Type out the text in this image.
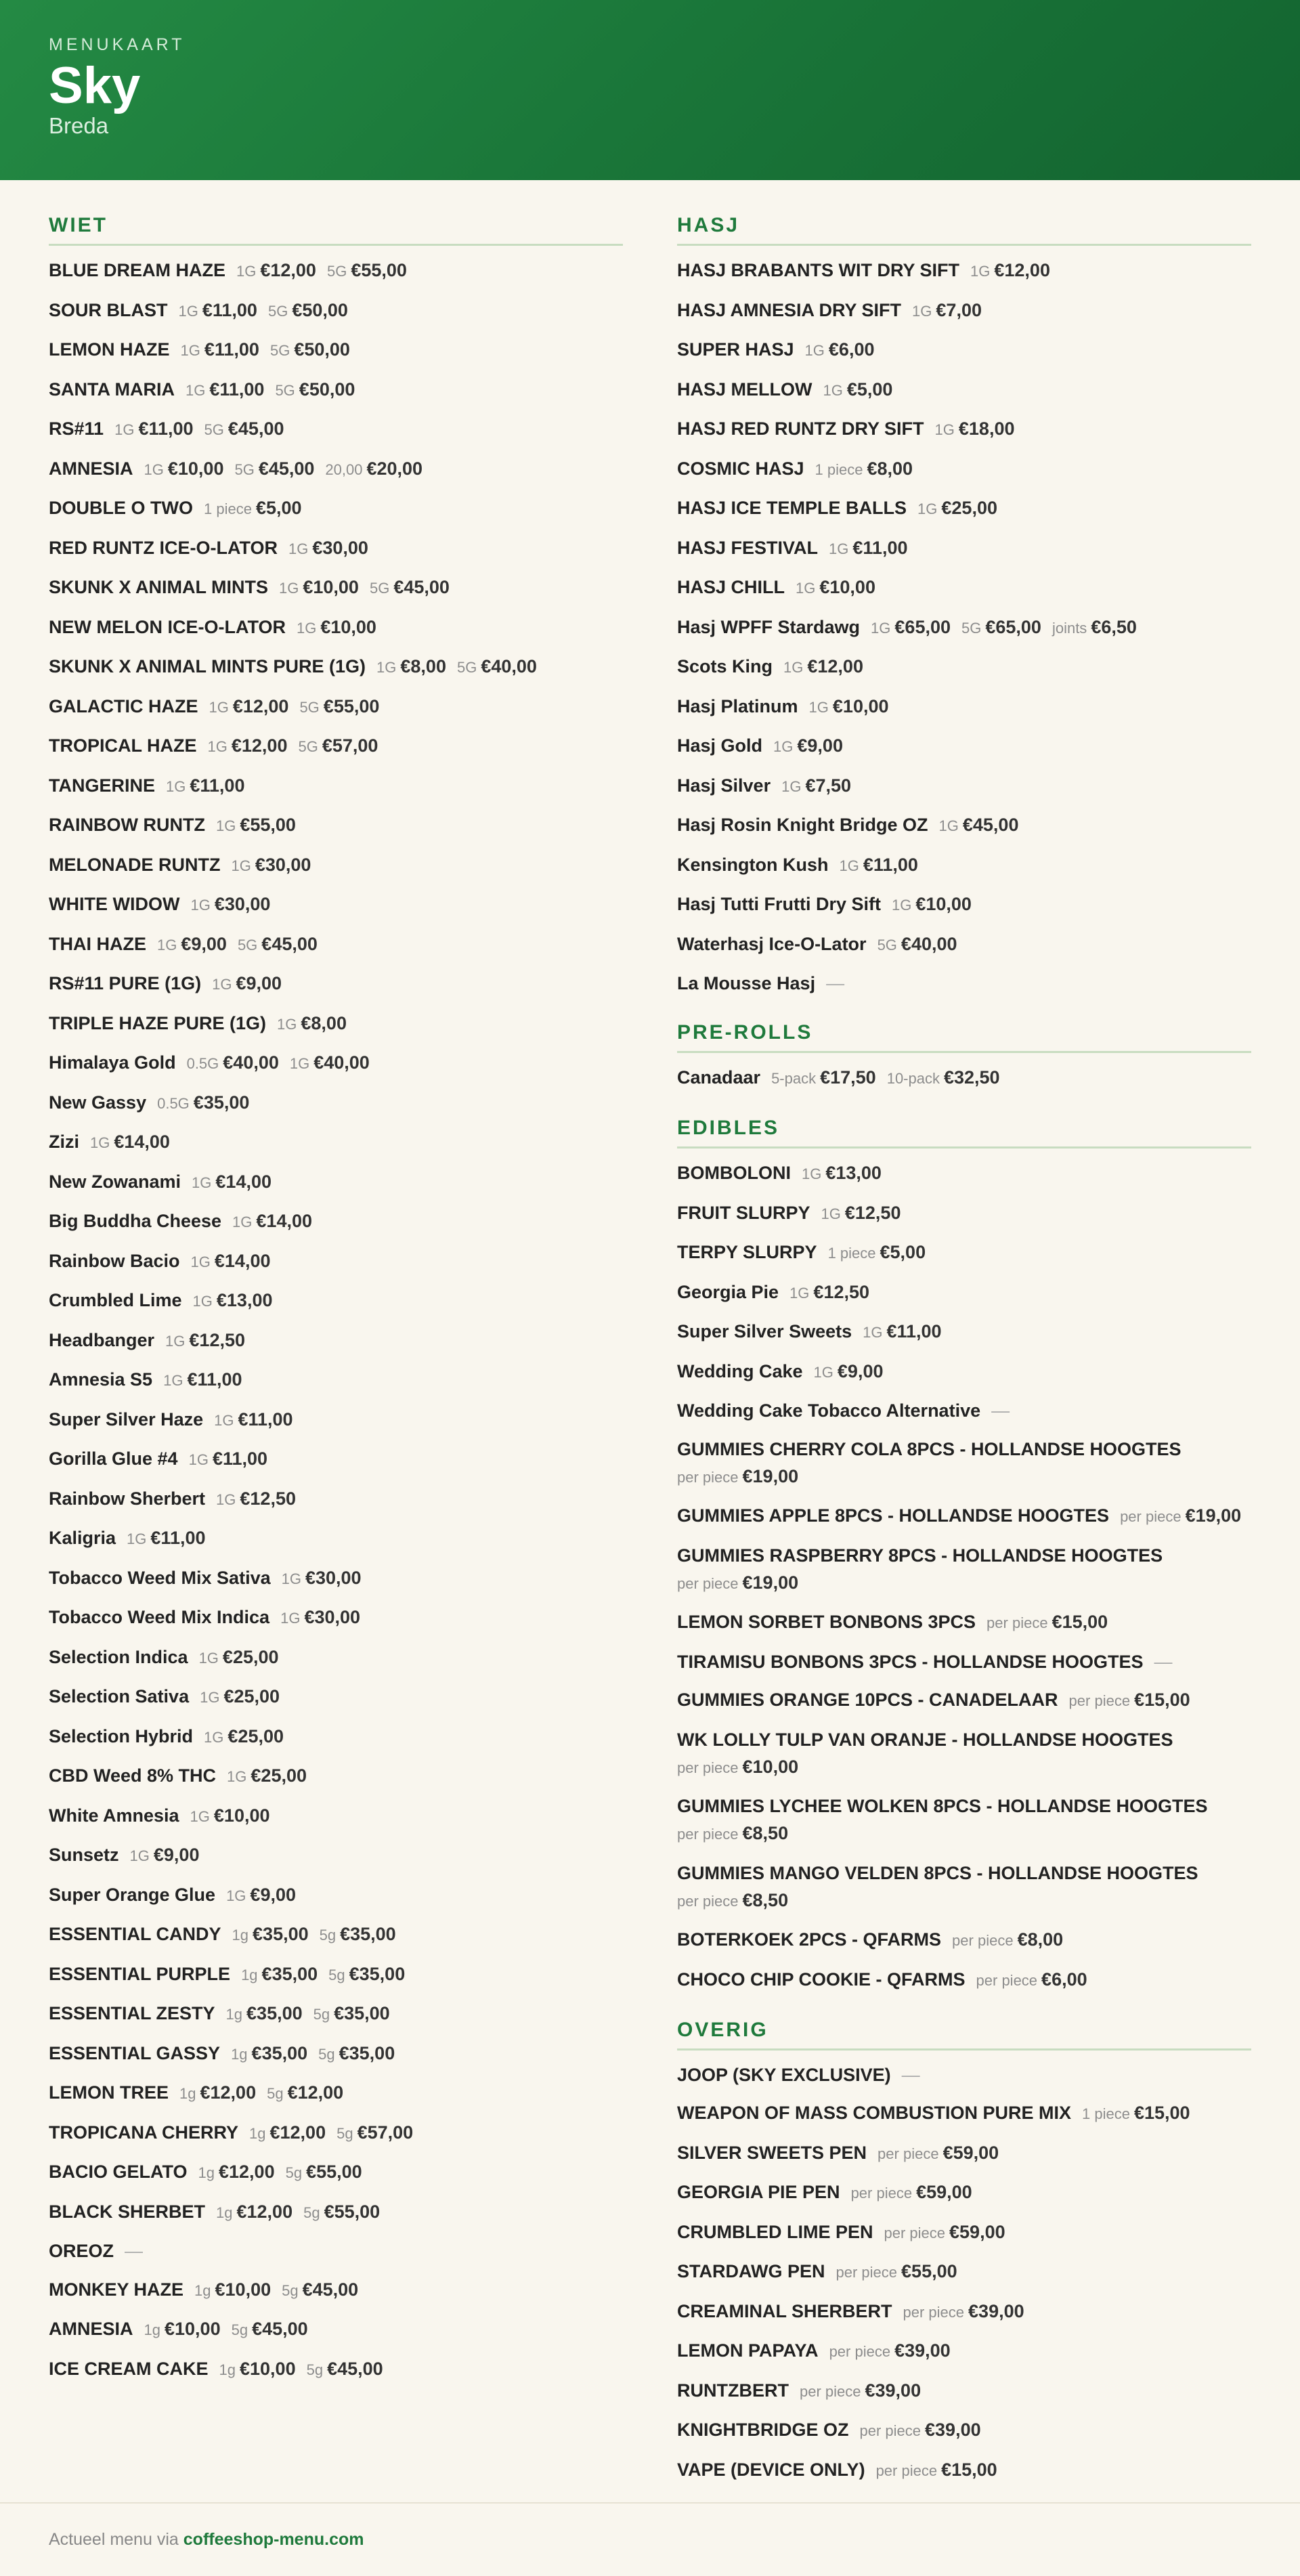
MENUKAART
Sky
Breda
WIET
BLUE DREAM HAZE 1G €12,00 5G €55,00
SOUR BLAST 1G €11,00 5G €50,00
LEMON HAZE 1G €11,00 5G €50,00
SANTA MARIA 1G €11,00 5G €50,00
RS#11 1G €11,00 5G €45,00
AMNESIA 1G €10,00 5G €45,00 20,00 €20,00
DOUBLE O TWO 1 piece €5,00
RED RUNTZ ICE-O-LATOR 1G €30,00
SKUNK X ANIMAL MINTS 1G €10,00 5G €45,00
NEW MELON ICE-O-LATOR 1G €10,00
SKUNK X ANIMAL MINTS PURE (1G) 1G €8,00 5G €40,00
GALACTIC HAZE 1G €12,00 5G €55,00
TROPICAL HAZE 1G €12,00 5G €57,00
TANGERINE 1G €11,00
RAINBOW RUNTZ 1G €55,00
MELONADE RUNTZ 1G €30,00
WHITE WIDOW 1G €30,00
THAI HAZE 1G €9,00 5G €45,00
RS#11 PURE (1G) 1G €9,00
TRIPLE HAZE PURE (1G) 1G €8,00
Himalaya Gold 0.5G €40,00 1G €40,00
New Gassy 0.5G €35,00
Zizi 1G €14,00
New Zowanami 1G €14,00
Big Buddha Cheese 1G €14,00
Rainbow Bacio 1G €14,00
Crumbled Lime 1G €13,00
Headbanger 1G €12,50
Amnesia S5 1G €11,00
Super Silver Haze 1G €11,00
Gorilla Glue #4 1G €11,00
Rainbow Sherbert 1G €12,50
Kaligria 1G €11,00
Tobacco Weed Mix Sativa 1G €30,00
Tobacco Weed Mix Indica 1G €30,00
Selection Indica 1G €25,00
Selection Sativa 1G €25,00
Selection Hybrid 1G €25,00
CBD Weed 8% THC 1G €25,00
White Amnesia 1G €10,00
Sunsetz 1G €9,00
Super Orange Glue 1G €9,00
ESSENTIAL CANDY 1g €35,00 5g €35,00
ESSENTIAL PURPLE 1g €35,00 5g €35,00
ESSENTIAL ZESTY 1g €35,00 5g €35,00
ESSENTIAL GASSY 1g €35,00 5g €35,00
LEMON TREE 1g €12,00 5g €12,00
TROPICANA CHERRY 1g €12,00 5g €57,00
BACIO GELATO 1g €12,00 5g €55,00
BLACK SHERBET 1g €12,00 5g €55,00
OREOZ —
MONKEY HAZE 1g €10,00 5g €45,00
AMNESIA 1g €10,00 5g €45,00
ICE CREAM CAKE 1g €10,00 5g €45,00
HASJ
HASJ BRABANTS WIT DRY SIFT 1G €12,00
HASJ AMNESIA DRY SIFT 1G €7,00
SUPER HASJ 1G €6,00
HASJ MELLOW 1G €5,00
HASJ RED RUNTZ DRY SIFT 1G €18,00
COSMIC HASJ 1 piece €8,00
HASJ ICE TEMPLE BALLS 1G €25,00
HASJ FESTIVAL 1G €11,00
HASJ CHILL 1G €10,00
Hasj WPFF Stardawg 1G €65,00 5G €65,00 joints €6,50
Scots King 1G €12,00
Hasj Platinum 1G €10,00
Hasj Gold 1G €9,00
Hasj Silver 1G €7,50
Hasj Rosin Knight Bridge OZ 1G €45,00
Kensington Kush 1G €11,00
Hasj Tutti Frutti Dry Sift 1G €10,00
Waterhasj Ice-O-Lator 5G €40,00
La Mousse Hasj —
PRE-ROLLS
Canadaar 5-pack €17,50 10-pack €32,50
EDIBLES
BOMBOLONI 1G €13,00
FRUIT SLURPY 1G €12,50
TERPY SLURPY 1 piece €5,00
Georgia Pie 1G €12,50
Super Silver Sweets 1G €11,00
Wedding Cake 1G €9,00
Wedding Cake Tobacco Alternative —
GUMMIES CHERRY COLA 8PCS - HOLLANDSE HOOGTES
per piece €19,00
GUMMIES APPLE 8PCS - HOLLANDSE HOOGTES per piece €19,00
GUMMIES RASPBERRY 8PCS - HOLLANDSE HOOGTES
per piece €19,00
LEMON SORBET BONBONS 3PCS per piece €15,00
TIRAMISU BONBONS 3PCS - HOLLANDSE HOOGTES —
GUMMIES ORANGE 10PCS - CANADELAAR per piece €15,00
WK LOLLY TULP VAN ORANJE - HOLLANDSE HOOGTES
per piece €10,00
GUMMIES LYCHEE WOLKEN 8PCS - HOLLANDSE HOOGTES
per piece €8,50
GUMMIES MANGO VELDEN 8PCS - HOLLANDSE HOOGTES
per piece €8,50
BOTERKOEK 2PCS - QFARMS per piece €8,00
CHOCO CHIP COOKIE - QFARMS per piece €6,00
OVERIG
JOOP (SKY EXCLUSIVE) —
WEAPON OF MASS COMBUSTION PURE MIX 1 piece €15,00
SILVER SWEETS PEN per piece €59,00
GEORGIA PIE PEN per piece €59,00
CRUMBLED LIME PEN per piece €59,00
STARDAWG PEN per piece €55,00
CREAMINAL SHERBERT per piece €39,00
LEMON PAPAYA per piece €39,00
RUNTZBERT per piece €39,00
KNIGHTBRIDGE OZ per piece €39,00
VAPE (DEVICE ONLY) per piece €15,00
Actueel menu via coffeeshop-menu.com
